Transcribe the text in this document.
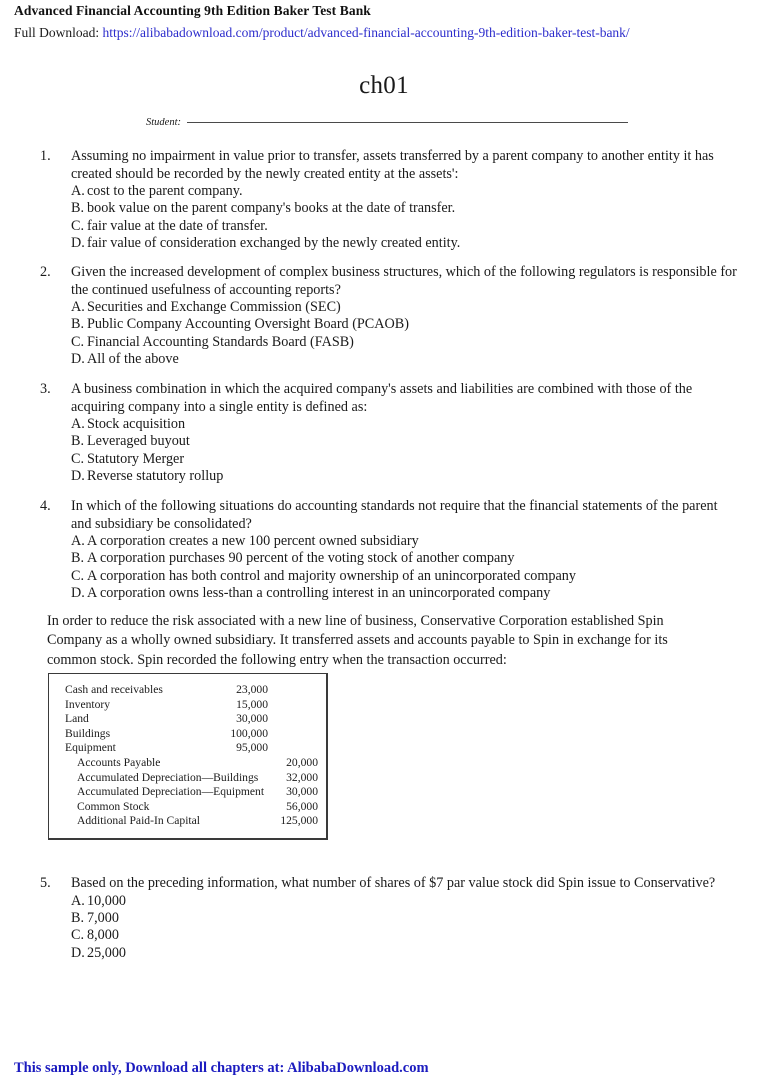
Advanced Financial Accounting 9th Edition Baker Test Bank
Full Download: https://alibabadownload.com/product/advanced-financial-accounting-9th-edition-baker-test-bank/
ch01
Student:
1.	Assuming no impairment in value prior to transfer, assets transferred by a parent company to another entity it has created should be recorded by the newly created entity at the assets':
A. cost to the parent company.
B. book value on the parent company's books at the date of transfer.
C. fair value at the date of transfer.
D. fair value of consideration exchanged by the newly created entity.
2.	Given the increased development of complex business structures, which of the following regulators is responsible for the continued usefulness of accounting reports?
A. Securities and Exchange Commission (SEC)
B. Public Company Accounting Oversight Board (PCAOB)
C. Financial Accounting Standards Board (FASB)
D. All of the above
3.	A business combination in which the acquired company's assets and liabilities are combined with those of the acquiring company into a single entity is defined as:
A. Stock acquisition
B. Leveraged buyout
C. Statutory Merger
D. Reverse statutory rollup
4.	In which of the following situations do accounting standards not require that the financial statements of the parent and subsidiary be consolidated?
A. A corporation creates a new 100 percent owned subsidiary
B. A corporation purchases 90 percent of the voting stock of another company
C. A corporation has both control and majority ownership of an unincorporated company
D. A corporation owns less-than a controlling interest in an unincorporated company
In order to reduce the risk associated with a new line of business, Conservative Corporation established Spin Company as a wholly owned subsidiary. It transferred assets and accounts payable to Spin in exchange for its common stock. Spin recorded the following entry when the transaction occurred:
Cash and receivables	23,000
Inventory	15,000
Land	30,000
Buildings	100,000
Equipment	95,000
Accounts Payable	20,000
Accumulated Depreciation—Buildings	32,000
Accumulated Depreciation—Equipment	30,000
Common Stock	56,000
Additional Paid-In Capital	125,000
5.	Based on the preceding information, what number of shares of $7 par value stock did Spin issue to Conservative?
A. 10,000
B. 7,000
C. 8,000
D. 25,000
This sample only, Download all chapters at: AlibabaDownload.com
